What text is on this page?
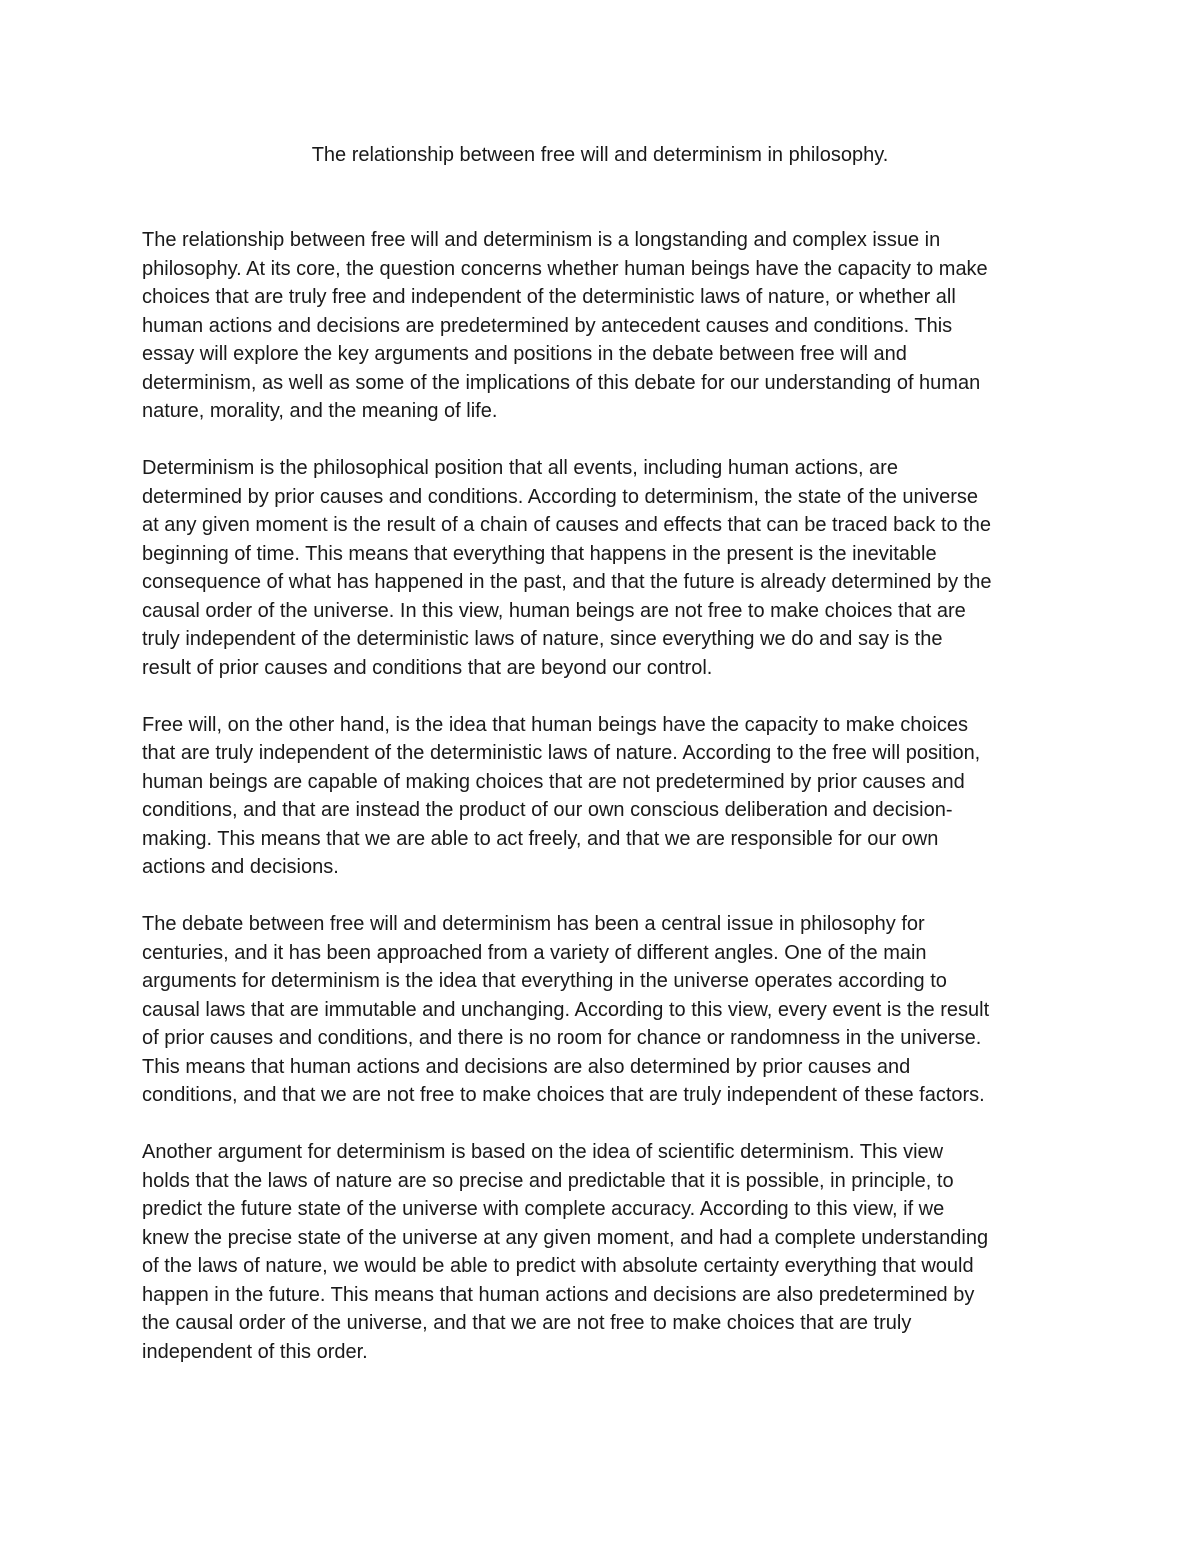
The relationship between free will and determinism in philosophy.

The relationship between free will and determinism is a longstanding and complex issue in
philosophy. At its core, the question concerns whether human beings have the capacity to make
choices that are truly free and independent of the deterministic laws of nature, or whether all
human actions and decisions are predetermined by antecedent causes and conditions. This
essay will explore the key arguments and positions in the debate between free will and
determinism, as well as some of the implications of this debate for our understanding of human
nature, morality, and the meaning of life.

Determinism is the philosophical position that all events, including human actions, are
determined by prior causes and conditions. According to determinism, the state of the universe
at any given moment is the result of a chain of causes and effects that can be traced back to the
beginning of time. This means that everything that happens in the present is the inevitable
consequence of what has happened in the past, and that the future is already determined by the
causal order of the universe. In this view, human beings are not free to make choices that are
truly independent of the deterministic laws of nature, since everything we do and say is the
result of prior causes and conditions that are beyond our control.

Free will, on the other hand, is the idea that human beings have the capacity to make choices
that are truly independent of the deterministic laws of nature. According to the free will position,
human beings are capable of making choices that are not predetermined by prior causes and
conditions, and that are instead the product of our own conscious deliberation and decision-
making. This means that we are able to act freely, and that we are responsible for our own
actions and decisions.

The debate between free will and determinism has been a central issue in philosophy for
centuries, and it has been approached from a variety of different angles. One of the main
arguments for determinism is the idea that everything in the universe operates according to
causal laws that are immutable and unchanging. According to this view, every event is the result
of prior causes and conditions, and there is no room for chance or randomness in the universe.
This means that human actions and decisions are also determined by prior causes and
conditions, and that we are not free to make choices that are truly independent of these factors.

Another argument for determinism is based on the idea of scientific determinism. This view
holds that the laws of nature are so precise and predictable that it is possible, in principle, to
predict the future state of the universe with complete accuracy. According to this view, if we
knew the precise state of the universe at any given moment, and had a complete understanding
of the laws of nature, we would be able to predict with absolute certainty everything that would
happen in the future. This means that human actions and decisions are also predetermined by
the causal order of the universe, and that we are not free to make choices that are truly
independent of this order.
